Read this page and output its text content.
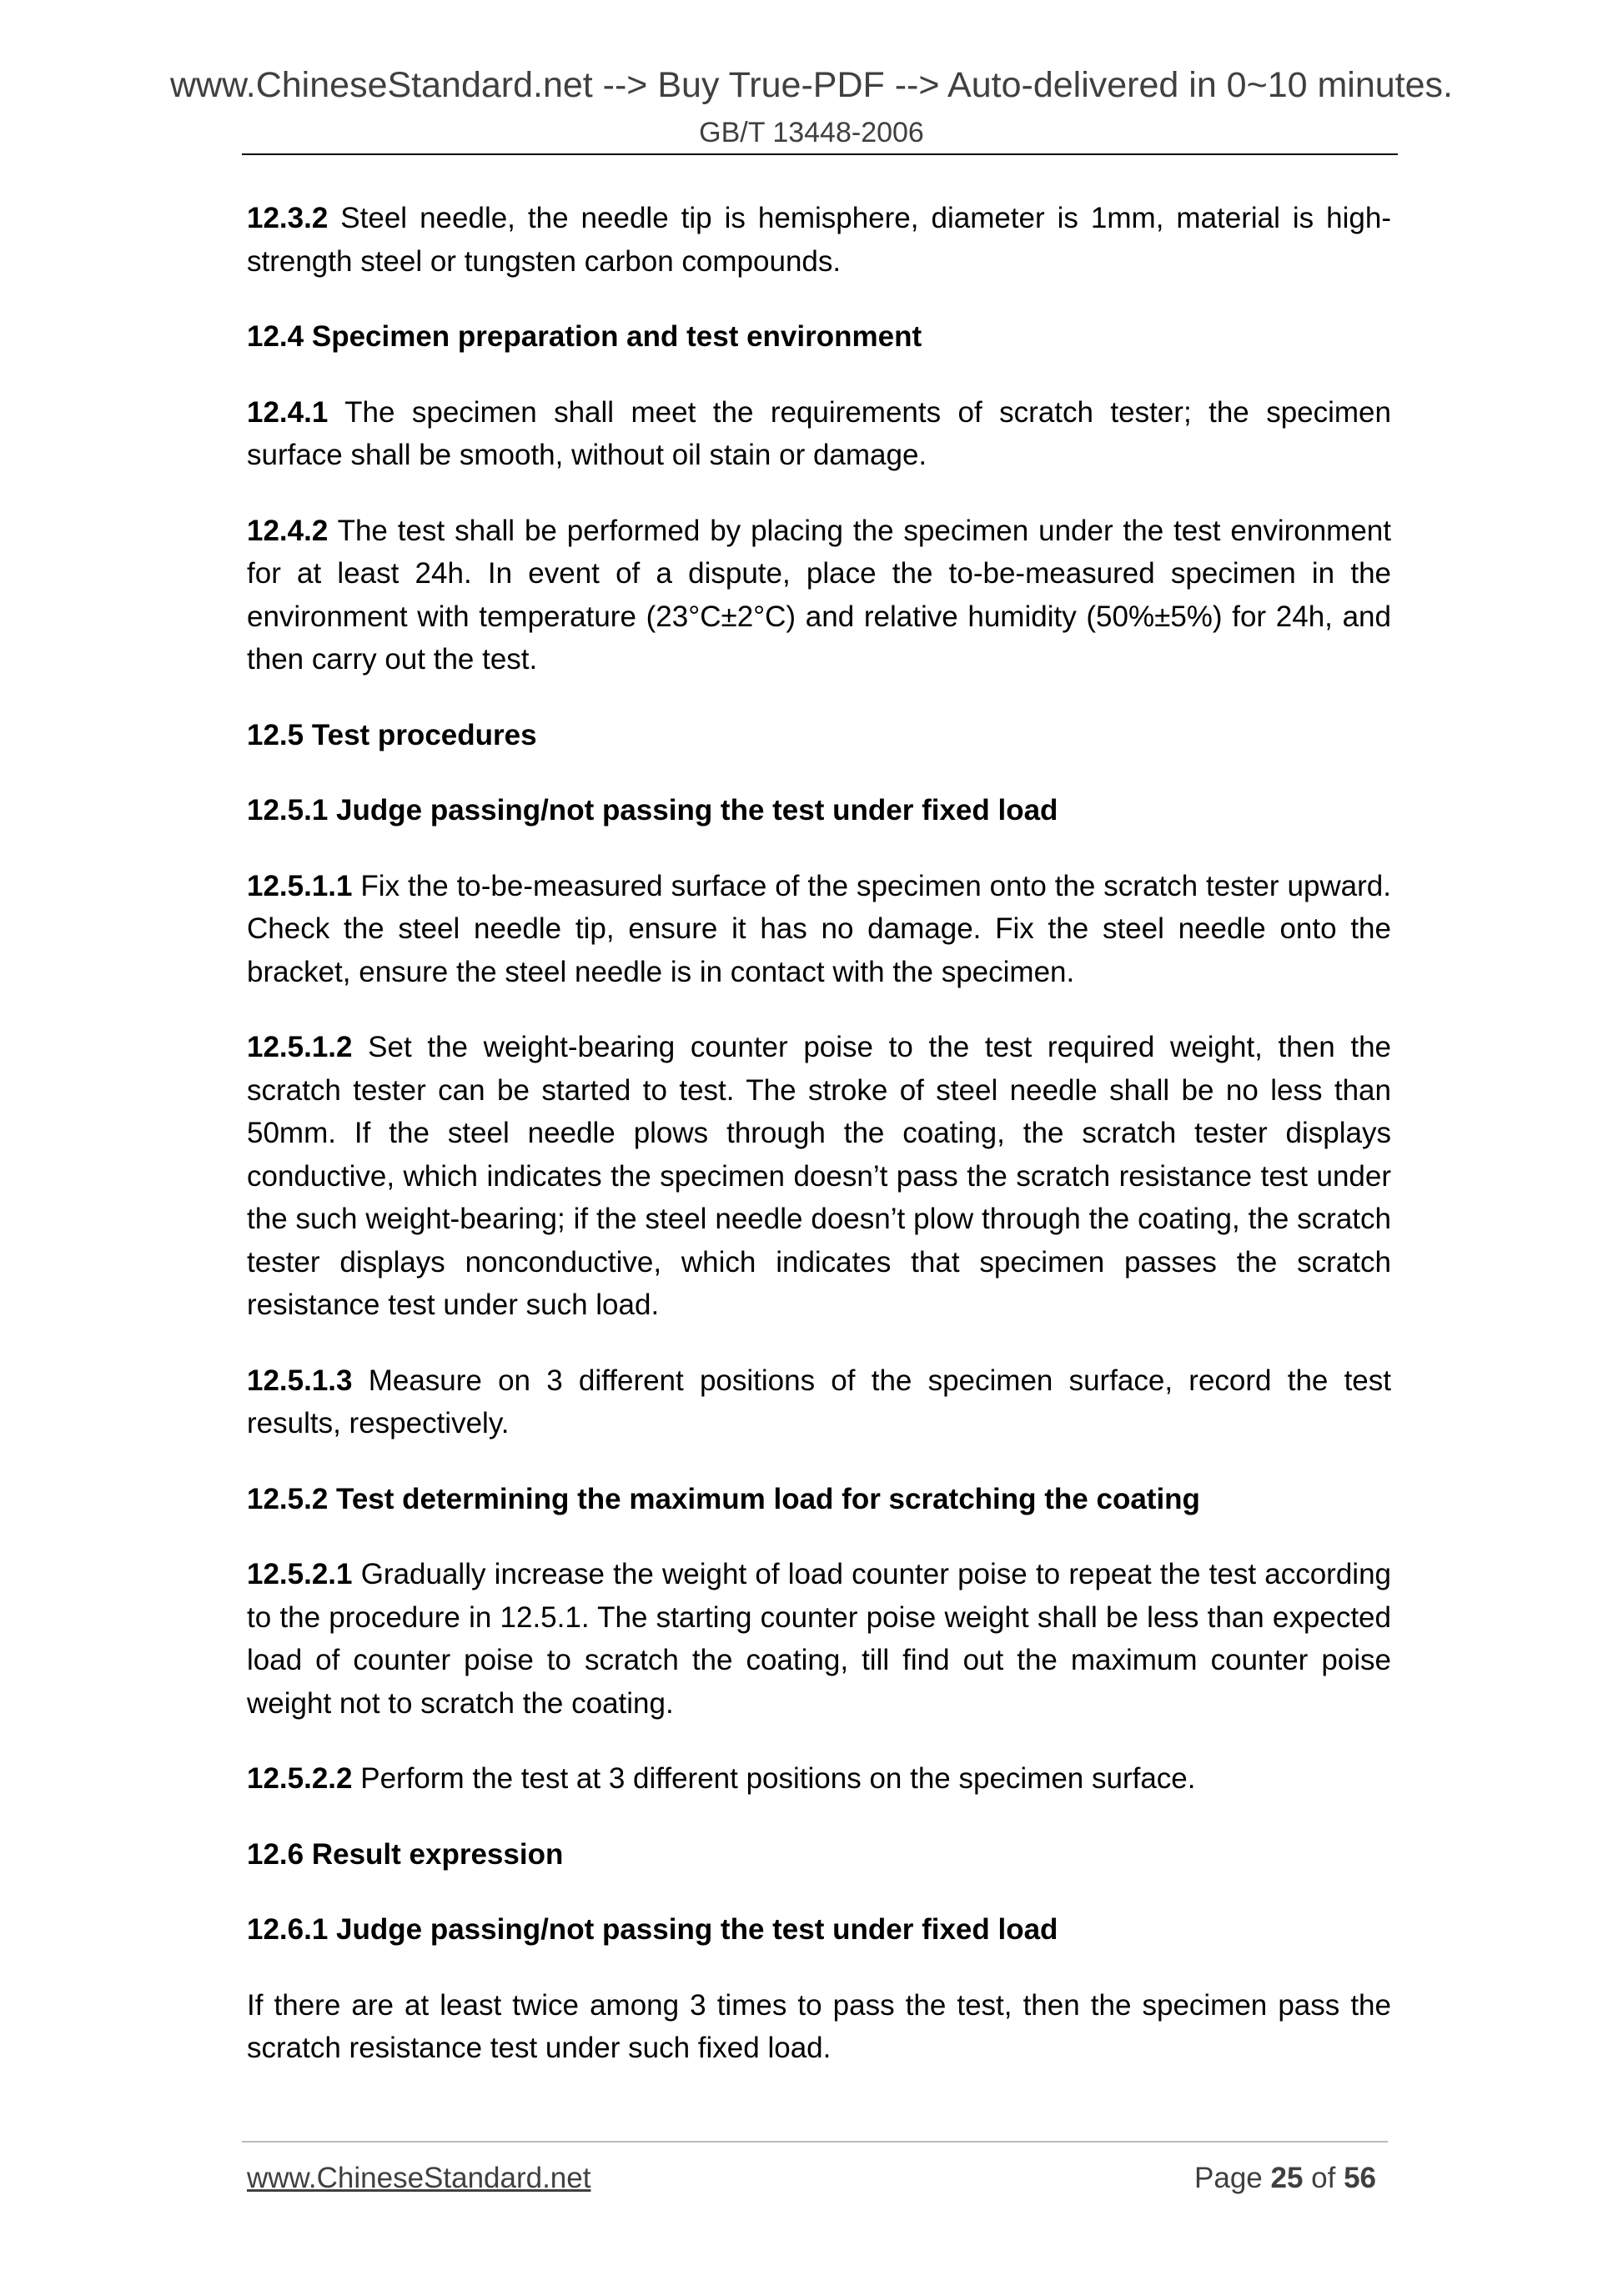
www.ChineseStandard.net --> Buy True-PDF --> Auto-delivered in 0~10 minutes.
GB/T 13448-2006

12.3.2 Steel needle, the needle tip is hemisphere, diameter is 1mm, material is high-strength steel or tungsten carbon compounds.

12.4 Specimen preparation and test environment

12.4.1 The specimen shall meet the requirements of scratch tester; the specimen surface shall be smooth, without oil stain or damage.

12.4.2 The test shall be performed by placing the specimen under the test environment for at least 24h. In event of a dispute, place the to-be-measured specimen in the environment with temperature (23°C±2°C) and relative humidity (50%±5%) for 24h, and then carry out the test.

12.5 Test procedures
12.5.1 Judge passing/not passing the test under fixed load

12.5.1.1 Fix the to-be-measured surface of the specimen onto the scratch tester upward. Check the steel needle tip, ensure it has no damage. Fix the steel needle onto the bracket, ensure the steel needle is in contact with the specimen.

12.5.1.2 Set the weight-bearing counter poise to the test required weight, then the scratch tester can be started to test. The stroke of steel needle shall be no less than 50mm. If the steel needle plows through the coating, the scratch tester displays conductive, which indicates the specimen doesn’t pass the scratch resistance test under the such weight-bearing; if the steel needle doesn’t plow through the coating, the scratch tester displays nonconductive, which indicates that specimen passes the scratch resistance test under such load.

12.5.1.3 Measure on 3 different positions of the specimen surface, record the test results, respectively.

12.5.2 Test determining the maximum load for scratching the coating

12.5.2.1 Gradually increase the weight of load counter poise to repeat the test according to the procedure in 12.5.1. The starting counter poise weight shall be less than expected load of counter poise to scratch the coating, till find out the maximum counter poise weight not to scratch the coating.

12.5.2.2 Perform the test at 3 different positions on the specimen surface.

12.6 Result expression
12.6.1 Judge passing/not passing the test under fixed load

If there are at least twice among 3 times to pass the test, then the specimen pass the scratch resistance test under such fixed load.

www.ChineseStandard.net	Page 25 of 56
